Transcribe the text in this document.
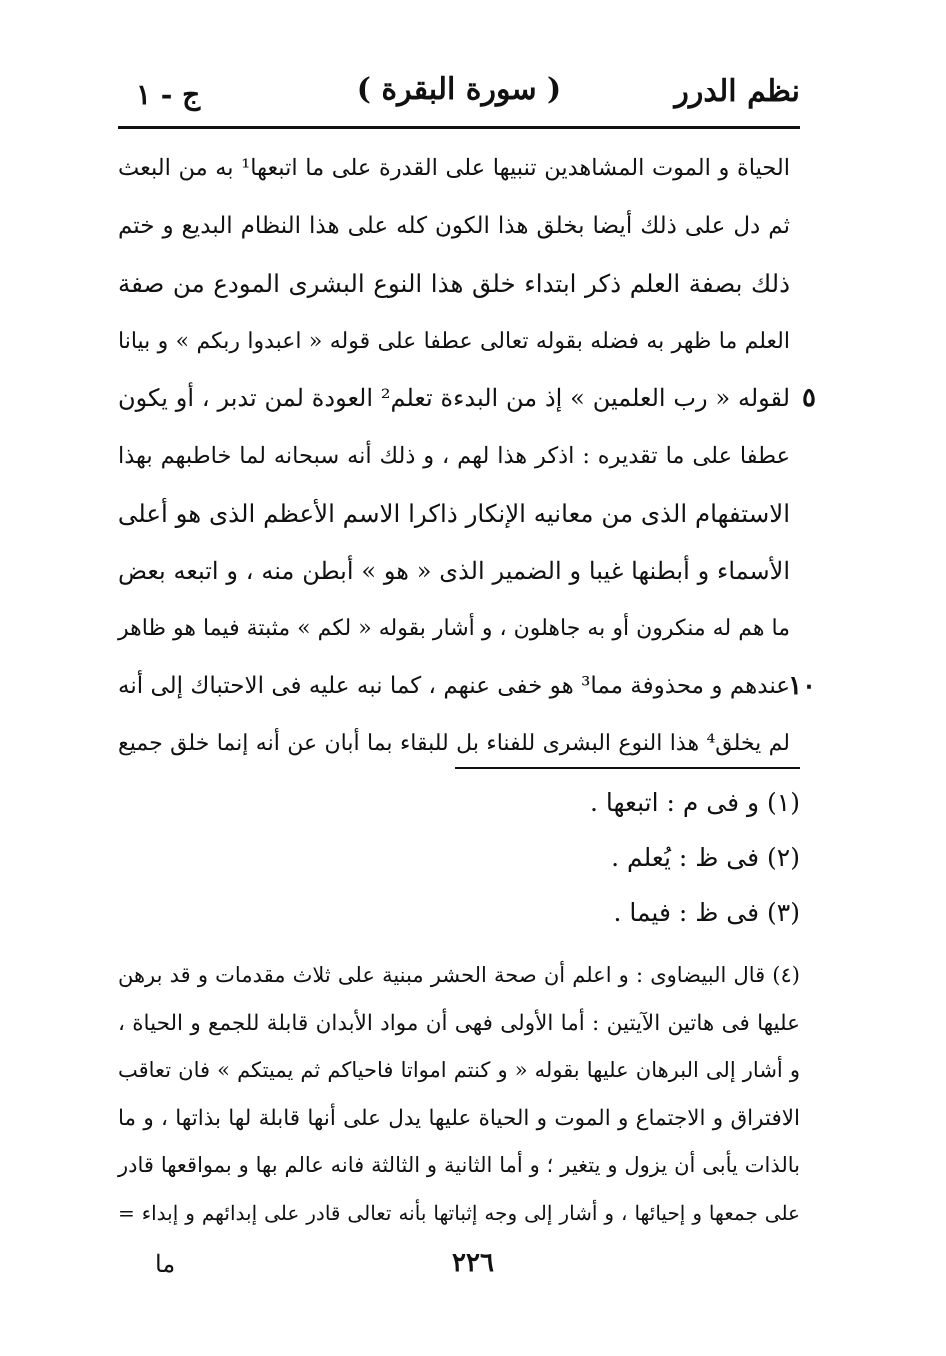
نظم الدرر
( سورة البقرة )
ج - ١
الحياة و الموت المشاهدين تنبيها على القدرة على ما اتبعها¹ به من البعث
ثم دل على ذلك أيضا بخلق هذا الكون كله على هذا النظام البديع و ختم
ذلك بصفة العلم ذكر ابتداء خلق هذا النوع البشرى المودع من صفة
العلم ما ظهر به فضله بقوله تعالى عطفا على قوله « اعبدوا ربكم » و بيانا
٥
لقوله « رب العلمين » إذ من البدءة تعلم² العودة لمن تدبر ، أو يكون
عطفا على ما تقديره : اذكر هذا لهم ، و ذلك أنه سبحانه لما خاطبهم بهذا
الاستفهام الذى من معانيه الإنكار ذاكرا الاسم الأعظم الذى هو أعلى
الأسماء و أبطنها غيبا و الضمير الذى « هو » أبطن منه ، و اتبعه بعض
ما هم له منكرون أو به جاهلون ، و أشار بقوله « لكم » مثبتة فيما هو ظاهر
١٠
عندهم و محذوفة مما³ هو خفى عنهم ، كما نبه عليه فى الاحتباك إلى أنه
لم يخلق⁴ هذا النوع البشرى للفناء بل للبقاء بما أبان عن أنه إنما خلق جميع
(١) و فى م : اتبعها .
(٢) فى ظ : يُعلم .
(٣) فى ظ : فيما .
(٤) قال البيضاوى : و اعلم أن صحة الحشر مبنية على ثلاث مقدمات و قد برهن
عليها فى هاتين الآيتين : أما الأولى فهى أن مواد الأبدان قابلة للجمع و الحياة ،
و أشار إلى البرهان عليها بقوله « و كنتم امواتا فاحياكم ثم يميتكم » فان تعاقب
الافتراق و الاجتماع و الموت و الحياة عليها يدل على أنها قابلة لها بذاتها ، و ما
بالذات يأبى أن يزول و يتغير ؛ و أما الثانية و الثالثة فانه عالم بها و بمواقعها قادر
على جمعها و إحيائها ، و أشار إلى وجه إثباتها بأنه تعالى قادر على إبدائهم و إبداء =
٢٢٦
ما
